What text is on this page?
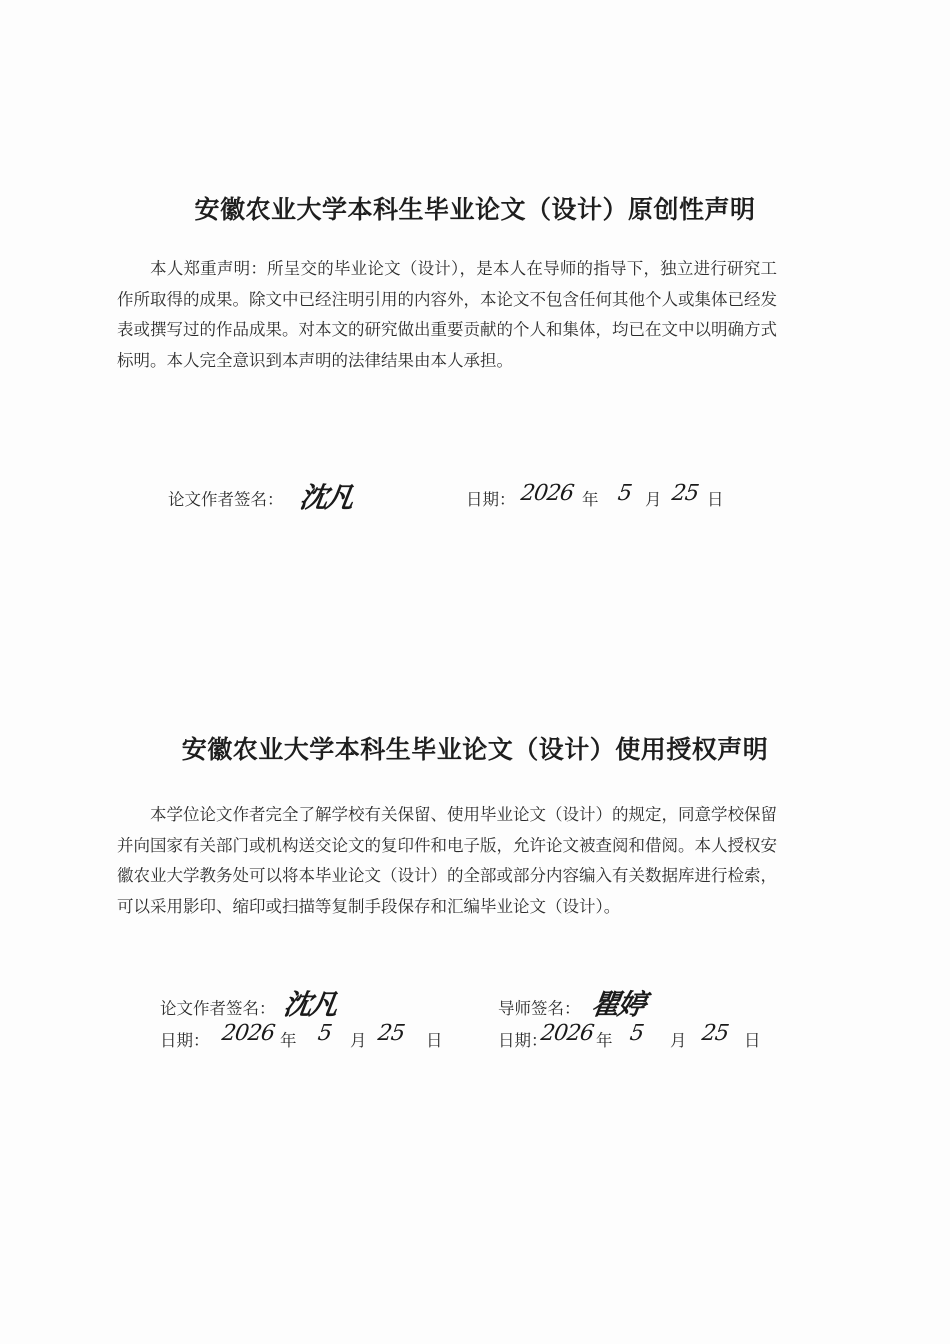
安徽农业大学本科生毕业论文（设计）原创性声明
本人郑重声明：所呈交的毕业论文（设计），是本人在导师的指导下，独立进行研究工作所取得的成果。除文中已经注明引用的内容外，本论文不包含任何其他个人或集体已经发表或撰写过的作品成果。对本文的研究做出重要贡献的个人和集体，均已在文中以明确方式标明。本人完全意识到本声明的法律结果由本人承担。
论文作者签名： 沈凡	日期： 2026 年 5 月 25 日
安徽农业大学本科生毕业论文（设计）使用授权声明
本学位论文作者完全了解学校有关保留、使用毕业论文（设计）的规定，同意学校保留并向国家有关部门或机构送交论文的复印件和电子版，允许论文被查阅和借阅。本人授权安徽农业大学教务处可以将本毕业论文（设计）的全部或部分内容编入有关数据库进行检索，可以采用影印、缩印或扫描等复制手段保存和汇编毕业论文（设计）。
论文作者签名： 沈凡
日期： 2026 年 5 月 25 日
导师签名： 瞿婷
日期：
2026 年 5 月 25 日
